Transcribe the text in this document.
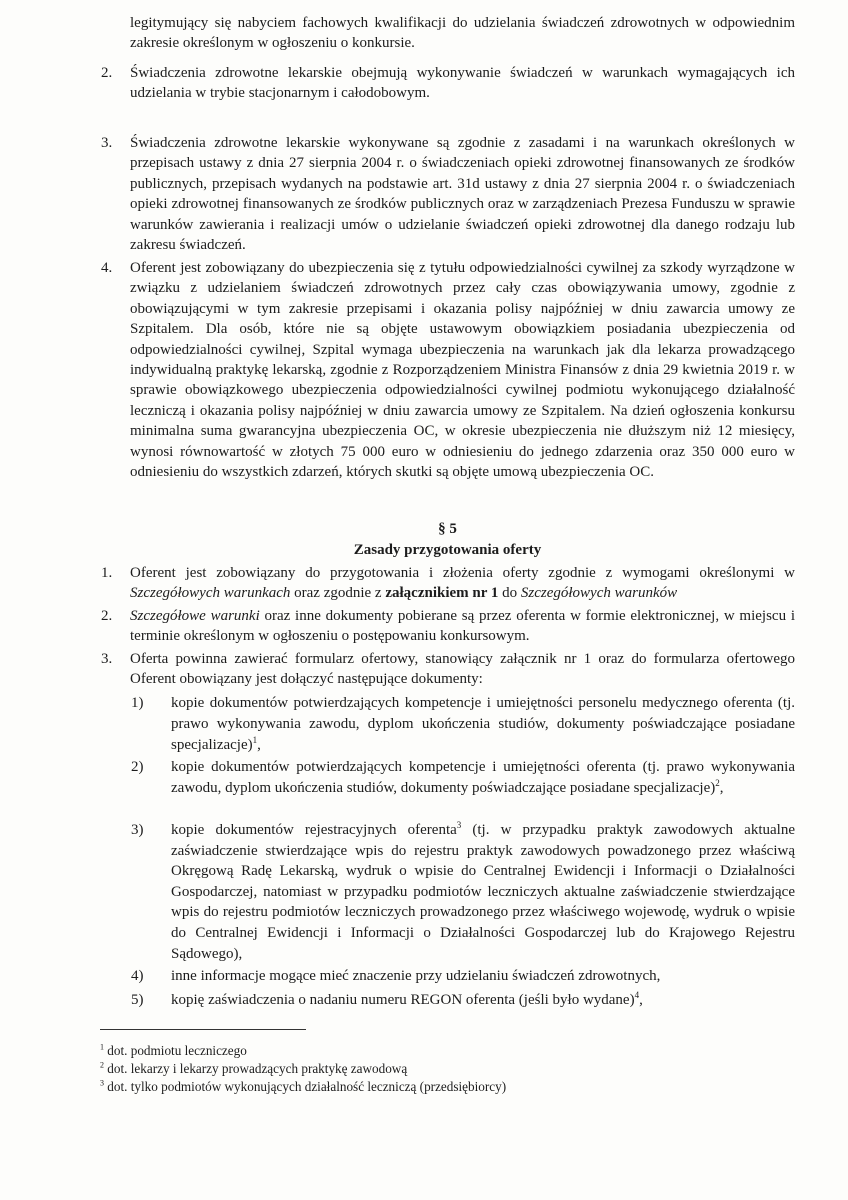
legitymujący się nabyciem fachowych kwalifikacji do udzielania świadczeń zdrowotnych w odpowiednim zakresie określonym w ogłoszeniu o konkursie.
2. Świadczenia zdrowotne lekarskie obejmują wykonywanie świadczeń w warunkach wymagających ich udzielania w trybie stacjonarnym i całodobowym.
3. Świadczenia zdrowotne lekarskie wykonywane są zgodnie z zasadami i na warunkach określonych w przepisach ustawy z dnia 27 sierpnia 2004 r. o świadczeniach opieki zdrowotnej finansowanych ze środków publicznych, przepisach wydanych na podstawie art. 31d ustawy z dnia 27 sierpnia 2004 r. o świadczeniach opieki zdrowotnej finansowanych ze środków publicznych oraz w zarządzeniach Prezesa Funduszu w sprawie warunków zawierania i realizacji umów o udzielanie świadczeń opieki zdrowotnej dla danego rodzaju lub zakresu świadczeń.
4. Oferent jest zobowiązany do ubezpieczenia się z tytułu odpowiedzialności cywilnej za szkody wyrządzone w związku z udzielaniem świadczeń zdrowotnych przez cały czas obowiązywania umowy, zgodnie z obowiązującymi w tym zakresie przepisami i okazania polisy najpóźniej w dniu zawarcia umowy ze Szpitalem. Dla osób, które nie są objęte ustawowym obowiązkiem posiadania ubezpieczenia od odpowiedzialności cywilnej, Szpital wymaga ubezpieczenia na warunkach jak dla lekarza prowadzącego indywidualną praktykę lekarską, zgodnie z Rozporządzeniem Ministra Finansów z dnia 29 kwietnia 2019 r. w sprawie obowiązkowego ubezpieczenia odpowiedzialności cywilnej podmiotu wykonującego działalność leczniczą i okazania polisy najpóźniej w dniu zawarcia umowy ze Szpitalem. Na dzień ogłoszenia konkursu minimalna suma gwarancyjna ubezpieczenia OC, w okresie ubezpieczenia nie dłuższym niż 12 miesięcy, wynosi równowartość w złotych 75 000 euro w odniesieniu do jednego zdarzenia oraz 350 000 euro w odniesieniu do wszystkich zdarzeń, których skutki są objęte umową ubezpieczenia OC.
§ 5
Zasady przygotowania oferty
1. Oferent jest zobowiązany do przygotowania i złożenia oferty zgodnie z wymogami określonymi w Szczegółowych warunkach oraz zgodnie z załącznikiem nr 1 do Szczegółowych warunków
2. Szczegółowe warunki oraz inne dokumenty pobierane są przez oferenta w formie elektronicznej, w miejscu i terminie określonym w ogłoszeniu o postępowaniu konkursowym.
3. Oferta powinna zawierać formularz ofertowy, stanowiący załącznik nr 1 oraz do formularza ofertowego Oferent obowiązany jest dołączyć następujące dokumenty:
1) kopie dokumentów potwierdzających kompetencje i umiejętności personelu medycznego oferenta (tj. prawo wykonywania zawodu, dyplom ukończenia studiów, dokumenty poświadczające posiadane specjalizacje)$^1$,
2) kopie dokumentów potwierdzających kompetencje i umiejętności oferenta (tj. prawo wykonywania zawodu, dyplom ukończenia studiów, dokumenty poświadczające posiadane specjalizacje)$^2$,
3) kopie dokumentów rejestracyjnych oferenta$^3$ (tj. w przypadku praktyk zawodowych aktualne zaświadczenie stwierdzające wpis do rejestru praktyk zawodowych powadzonego przez właściwą Okręgową Radę Lekarską, wydruk o wpisie do Centralnej Ewidencji i Informacji o Działalności Gospodarczej, natomiast w przypadku podmiotów leczniczych aktualne zaświadczenie stwierdzające wpis do rejestru podmiotów leczniczych prowadzonego przez właściwego wojewodę, wydruk o wpisie do Centralnej Ewidencji i Informacji o Działalności Gospodarczej lub do Krajowego Rejestru Sądowego),
4) inne informacje mogące mieć znaczenie przy udzielaniu świadczeń zdrowotnych,
5) kopię zaświadczenia o nadaniu numeru REGON oferenta (jeśli było wydane)$^4$,
$^1$ dot. podmiotu leczniczego
$^2$ dot. lekarzy i lekarzy prowadzących praktykę zawodową
$^3$ dot. tylko podmiotów wykonujących działalność leczniczą (przedsiębiorcy)
